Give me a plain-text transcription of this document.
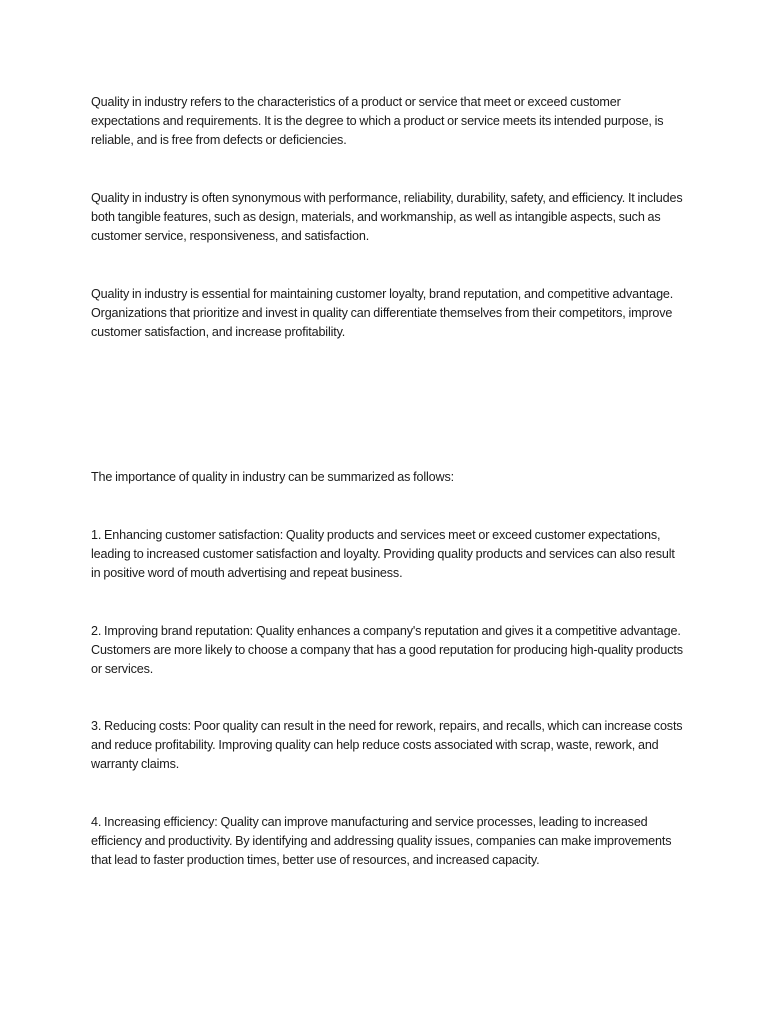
Quality in industry refers to the characteristics of a product or service that meet or exceed customer expectations and requirements. It is the degree to which a product or service meets its intended purpose, is reliable, and is free from defects or deficiencies.

Quality in industry is often synonymous with performance, reliability, durability, safety, and efficiency. It includes both tangible features, such as design, materials, and workmanship, as well as intangible aspects, such as customer service, responsiveness, and satisfaction.

Quality in industry is essential for maintaining customer loyalty, brand reputation, and competitive advantage. Organizations that prioritize and invest in quality can differentiate themselves from their competitors, improve customer satisfaction, and increase profitability.

The importance of quality in industry can be summarized as follows:

1. Enhancing customer satisfaction: Quality products and services meet or exceed customer expectations, leading to increased customer satisfaction and loyalty. Providing quality products and services can also result in positive word of mouth advertising and repeat business.

2. Improving brand reputation: Quality enhances a company's reputation and gives it a competitive advantage. Customers are more likely to choose a company that has a good reputation for producing high-quality products or services.

3. Reducing costs: Poor quality can result in the need for rework, repairs, and recalls, which can increase costs and reduce profitability. Improving quality can help reduce costs associated with scrap, waste, rework, and warranty claims.

4. Increasing efficiency: Quality can improve manufacturing and service processes, leading to increased efficiency and productivity. By identifying and addressing quality issues, companies can make improvements that lead to faster production times, better use of resources, and increased capacity.
